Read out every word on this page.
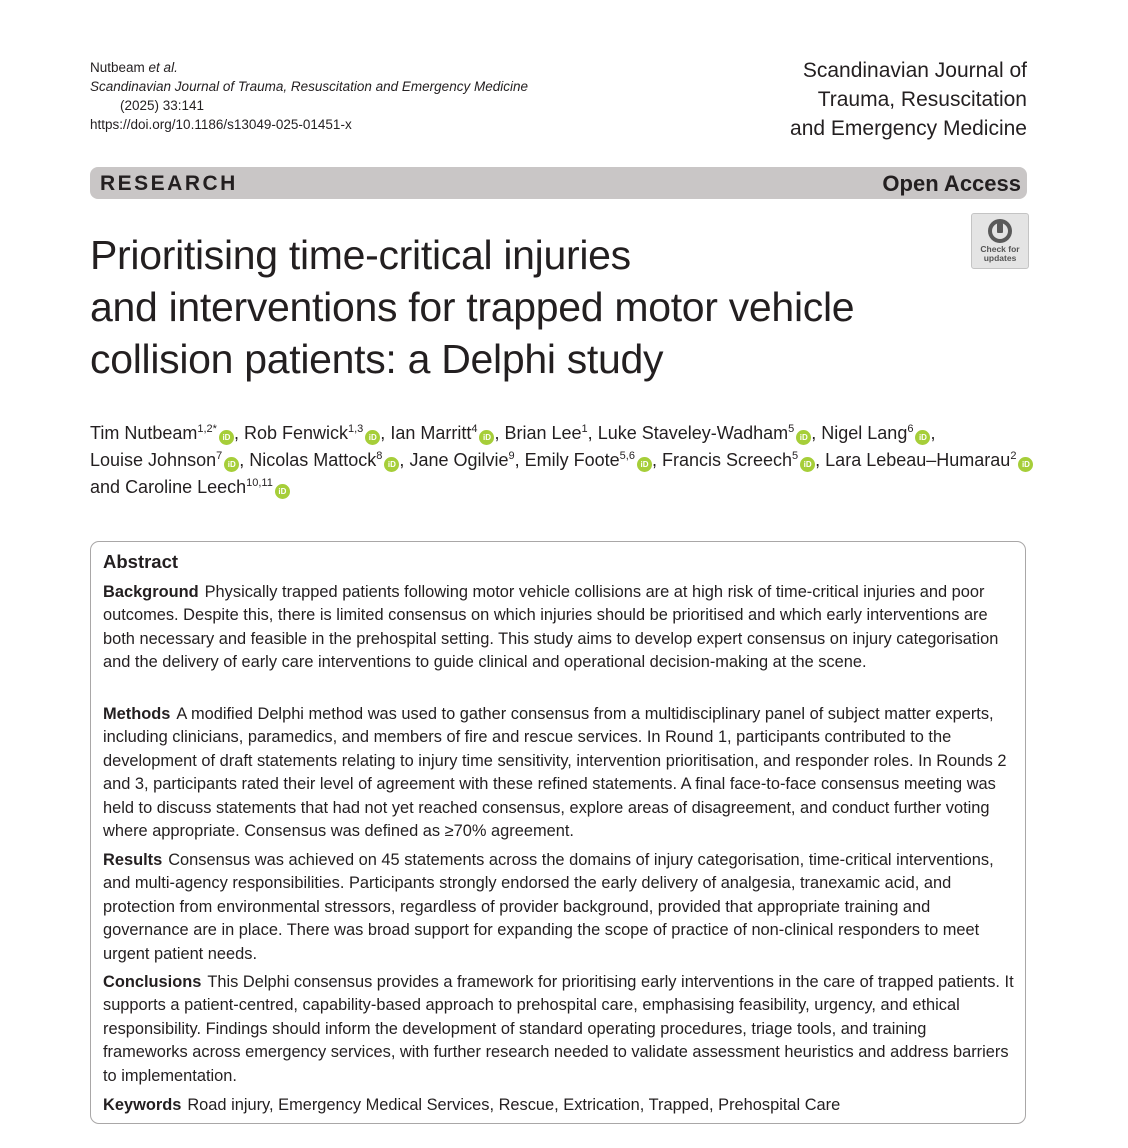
Nutbeam et al.
Scandinavian Journal of Trauma, Resuscitation and Emergency Medicine
(2025) 33:141
https://doi.org/10.1186/s13049-025-01451-x
Scandinavian Journal of
Trauma, Resuscitation
and Emergency Medicine
RESEARCH	Open Access
Prioritising time-critical injuries
and interventions for trapped motor vehicle
collision patients: a Delphi study
Check for
updates
Tim Nutbeam$^{1,2*}$iD , Rob Fenwick$^{1,3}$iD , Ian Marritt$^4$iD , Brian Lee$^1$, Luke Staveley-Wadham$^5$iD , Nigel Lang$^6$iD ,
Louise Johnson$^7$iD , Nicolas Mattock$^8$iD , Jane Ogilvie$^9$, Emily Foote$^{5,6}$iD , Francis Screech$^5$iD , Lara Lebeau–Humarau$^2$iD
and Caroline Leech$^{10,11}$iD
Abstract

Background Physically trapped patients following motor vehicle collisions are at high risk of time-critical injuries and poor outcomes. Despite this, there is limited consensus on which injuries should be prioritised and which early interventions are both necessary and feasible in the prehospital setting. This study aims to develop expert consensus on injury categorisation and the delivery of early care interventions to guide clinical and operational decision-making at the scene.

Methods A modified Delphi method was used to gather consensus from a multidisciplinary panel of subject matter experts, including clinicians, paramedics, and members of fire and rescue services. In Round 1, participants contributed to the development of draft statements relating to injury time sensitivity, intervention prioritisation, and responder roles. In Rounds 2 and 3, participants rated their level of agreement with these refined statements. A final face-to-face consensus meeting was held to discuss statements that had not yet reached consensus, explore areas of disagreement, and conduct further voting where appropriate. Consensus was defined as ≥70% agreement.

Results Consensus was achieved on 45 statements across the domains of injury categorisation, time-critical interventions, and multi-agency responsibilities. Participants strongly endorsed the early delivery of analgesia, tranexamic acid, and protection from environmental stressors, regardless of provider background, provided that appropriate training and governance are in place. There was broad support for expanding the scope of practice of non-clinical responders to meet urgent patient needs.

Conclusions This Delphi consensus provides a framework for prioritising early interventions in the care of trapped patients. It supports a patient-centred, capability-based approach to prehospital care, emphasising feasibility, urgency, and ethical responsibility. Findings should inform the development of standard operating procedures, triage tools, and training frameworks across emergency services, with further research needed to validate assessment heuristics and address barriers to implementation.

Keywords Road injury, Emergency Medical Services, Rescue, Extrication, Trapped, Prehospital Care
